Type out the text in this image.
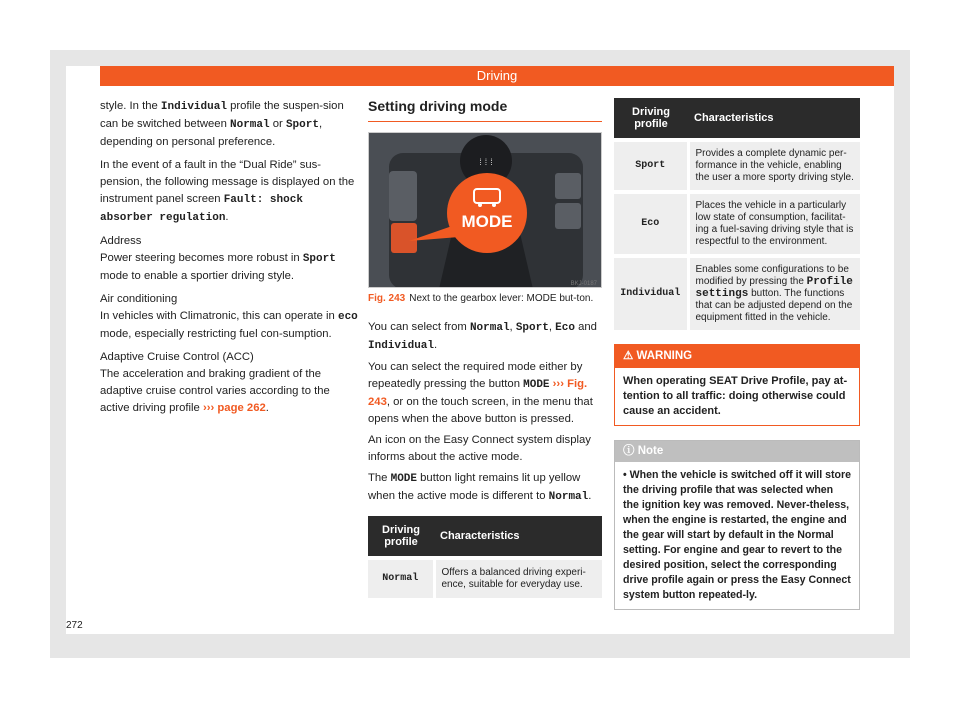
Driving

style. In the Individual profile the suspen-sion can be switched between Normal or Sport, depending on personal preference.

In the event of a fault in the “Dual Ride” sus-pension, the following message is displayed on the instrument panel screen Fault: shock absorber regulation.

Address

Power steering becomes more robust in Sport mode to enable a sportier driving style.

Air conditioning

In vehicles with Climatronic, this can operate in eco mode, especially restricting fuel con-sumption.

Adaptive Cruise Control (ACC)

The acceleration and braking gradient of the adaptive cruise control varies according to the active driving profile ››› page 262.

Setting driving mode
⁞⁞⁞
MODE
BKJ-0187
Fig. 243 Next to the gearbox lever: MODE but-ton.

You can select from Normal, Sport, Eco and Individual.

You can select the required mode either by repeatedly pressing the button MODE ››› Fig. 243, or on the touch screen, in the menu that opens when the above button is pressed.

An icon on the Easy Connect system display informs about the active mode.

The MODE button light remains lit up yellow when the active mode is different to Normal.

Driving profile	Characteristics
Normal	Offers a balanced driving experi-ence, suitable for everyday use.
Driving profile	Characteristics
Sport	Provides a complete dynamic per-formance in the vehicle, enabling the user a more sporty driving style.
Eco	Places the vehicle in a particularly low state of consumption, facilitat-ing a fuel-saving driving style that is respectful to the environment.
Individual	Enables some configurations to be modified by pressing the Profile settings button. The functions that can be adjusted depend on the equipment fitted in the vehicle.
⚠ WARNING
When operating SEAT Drive Profile, pay at-tention to all traffic: doing otherwise could cause an accident.
ⓘ Note
• When the vehicle is switched off it will store the driving profile that was selected when the ignition key was removed. Never-theless, when the engine is restarted, the engine and the gear will start by default in the Normal setting. For engine and gear to revert to the desired position, select the corresponding drive profile again or press the Easy Connect system button repeated-ly.
272
